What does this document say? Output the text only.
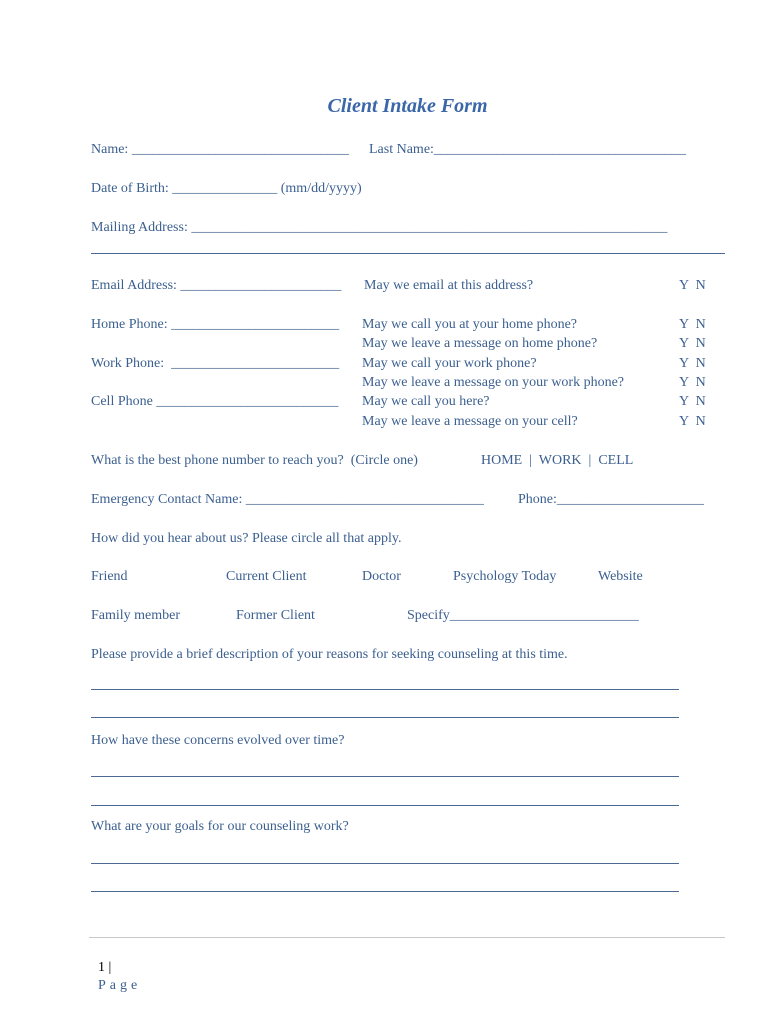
Client Intake Form
Name: _______________________________ Last Name:____________________________________
Date of Birth: _______________ (mm/dd/yyyy)
Mailing Address: ____________________________________________________________________
Email Address: _______________________ May we email at this address?	Y  N
Home Phone: ________________________ May we call you at your home phone?	Y  N
May we leave a message on home phone?	Y  N
Work Phone:  ________________________ May we call your work phone?	Y  N
May we leave a message on your work phone?	Y  N
Cell Phone __________________________ May we call you here?	Y  N
May we leave a message on your cell?	Y  N
What is the best phone number to reach you?  (Circle one)	HOME  |  WORK  |  CELL
Emergency Contact Name: __________________________________ Phone:_____________________
How did you hear about us? Please circle all that apply.
Friend	Current Client	Doctor	Psychology Today	Website
Family member	Former Client	Specify___________________________
Please provide a brief description of your reasons for seeking counseling at this time.
How have these concerns evolved over time?
What are your goals for our counseling work?

1 |
Page
